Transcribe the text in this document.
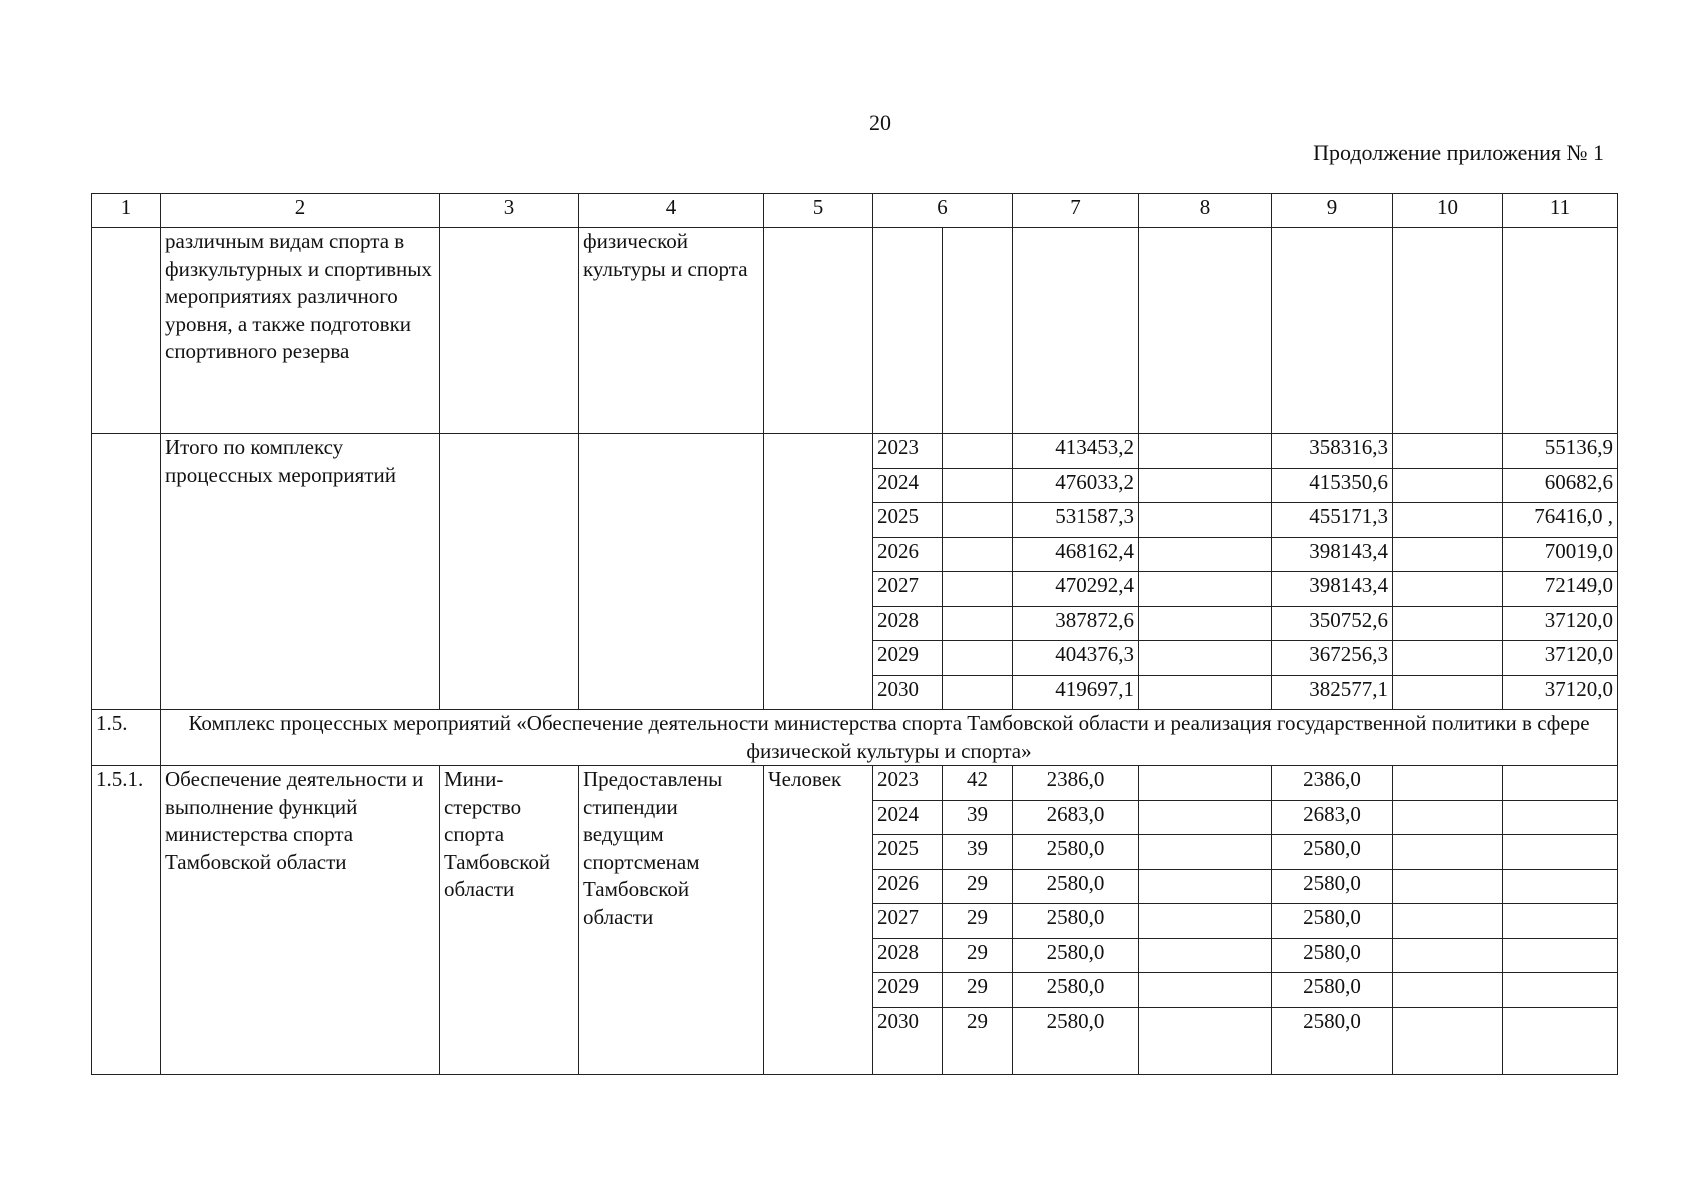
20
Продолжение приложения № 1
1	2	3	4	5	6		7	8	9	10	11
	различным видам спорта в физкультурных и спортивных мероприятиях различного уровня, а также подготовки спортивного резерва		физической культуры и спорта								
	Итого по комплексу процессных мероприятий				2023		413453,2		358316,3		55136,9
					2024		476033,2		415350,6		60682,6
					2025		531587,3		455171,3		76416,0 ,
					2026		468162,4		398143,4		70019,0
					2027		470292,4		398143,4		72149,0
					2028		387872,6		350752,6		37120,0
					2029		404376,3		367256,3		37120,0
					2030		419697,1		382577,1		37120,0
1.5.	Комплекс процессных мероприятий «Обеспечение деятельности министерства спорта Тамбовской области и реализация государственной политики в сфере физической культуры и спорта»										
1.5.1.	Обеспечение деятельности и выполнение функций министерства спорта Тамбовской области	Мини-стерство спорта Тамбовской области	Предоставлены стипендии ведущим спортсменам Тамбовской области	Человек	2023	42	2386,0		2386,0		
					2024	39	2683,0		2683,0		
					2025	39	2580,0		2580,0		
					2026	29	2580,0		2580,0		
					2027	29	2580,0		2580,0		
					2028	29	2580,0		2580,0		
					2029	29	2580,0		2580,0		
					2030	29	2580,0		2580,0		
